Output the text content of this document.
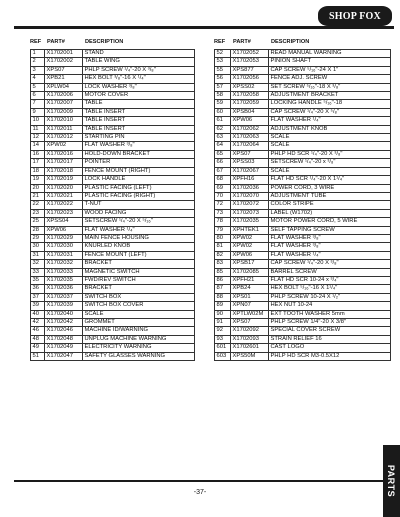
SHOP FOX
REF	PART#	DESCRIPTION
1	X1702001	STAND
2	X1702002	TABLE WING
3	XPS07	PHLP SCREW ¹/₄"-20 X ³/₈"
4	XPB21	HEX BOLT ³/₈"-16 X ¹/₄"
5	XPLW04	LOCK WASHER ³/₈"
6	X1702006	MOTOR COVER
7	X1702007	TABLE
9	X1702009	TABLE INSERT
10	X1702010	TABLE INSERT
11	X1702011	TABLE INSERT
12	X1702012	STARTING PIN
14	XPW02	FLAT WASHER ³/₈"
16	X1702016	HOLD-DOWN BRACKET
17	X1702017	POINTER
18	X1702018	FENCE MOUNT (RIGHT)
19	X1702019	LOCK HANDLE
20	X1702020	PLASTIC FACING (LEFT)
21	X1702021	PLASTIC FACING (RIGHT)
22	X1702022	T-NUT
23	X1702023	WOOD FACING
25	XPSS04	SETSCREW ¹/₄"-20 X ⁵/₁₆"
28	XPW06	FLAT WASHER ¹/₄"
29	X1702029	MAIN FENCE HOUSING
30	X1702030	KNURLED KNOB
31	X1702031	FENCE MOUNT (LEFT)
32	X1702032	BRACKET
33	X1702033	MAGNETIC SWITCH
35	X1702035	FWD/REV SWITCH
36	X1702036	BRACKET
37	X1702037	SWITCH BOX
39	X1702039	SWITCH BOX COVER
40	X1702040	SCALE
42	X1702042	GROMMET
46	X1702046	MACHINE ID/WARNING
48	X1702048	UNPLUG MACHINE WARNING
49	X1702049	ELECTRICITY WARNING
51	X1702047	SAFETY GLASSES WARNING
REF	PART#	DESCRIPTION
52	X1702052	READ MANUAL WARNING
53	X1702053	PINION SHAFT
55	XPS877	CAP SCREW ⁵/₁₆"-24 X 1"
56	X1702056	FENCE ADJ. SCREW
57	XPSS02	SET SCREW ⁵/₁₆"-18 X ³/₈"
58	X1702058	ADJUSTMENT BRACKET
59	X1702059	LOCKING HANDLE ⁵/₁₆"-18
60	XPSB04	CAP SCREW ¹/₄"-20 X ⁵/₈"
61	XPW06	FLAT WASHER ¹/₄"
62	X1702062	ADJUSTMENT KNOB
63	X1702063	SCALE
64	X1702064	SCALE
65	XPS07	PHLP HD SCR ¹/₄"-20 X ³/₈"
66	XPSS03	SETSCREW ¹/₄"-20 x ³/₈"
67	X1702067	SCALE
68	XPFH16	FLAT HD SCR ¹/₄"-20 X 1¹/₄"
69	X1702036	POWER CORD, 3 WIRE
70	X1702070	ADJUSTMENT TUBE
72	X1702072	COLOR STRIPE
73	X1702073	LABEL (W1702)
78	X1702035	MOTOR POWER CORD, 5 WIRE
79	XPHTEK1	SELF TAPPING SCREW
80	XPW02	FLAT WASHER ³/₈"
81	XPW02	FLAT WASHER ³/₈"
82	XPW06	FLAT WASHER ¹/₄"
83	XPSB17	CAP SCREW ¹/₄"-20 X ³/₈"
85	X1702085	BARREL SCREW
86	XPFH21	FLAT HD SCR 10-24 x ³/₄"
87	XPB24	HEX BOLT ⁵/₁₆"-16 X 1¹/₄"
88	XPS01	PHLP SCREW 10-24 X ¹/₂"
89	XPN07	HEX NUT 10-24
90	XPTLW02M	EXT TOOTH WASHER 5mm
91	XPS07	PHLP SCREW 1/4"-20 X 3/8"
92	X1702092	SPECIAL COVER SCREW
93	X1702093	STRAIN RELIEF 16
601	X1702601	CAST LOGO
603	XPS50M	PHLP HD SCR M3-0.5X12
-37-	PARTS
